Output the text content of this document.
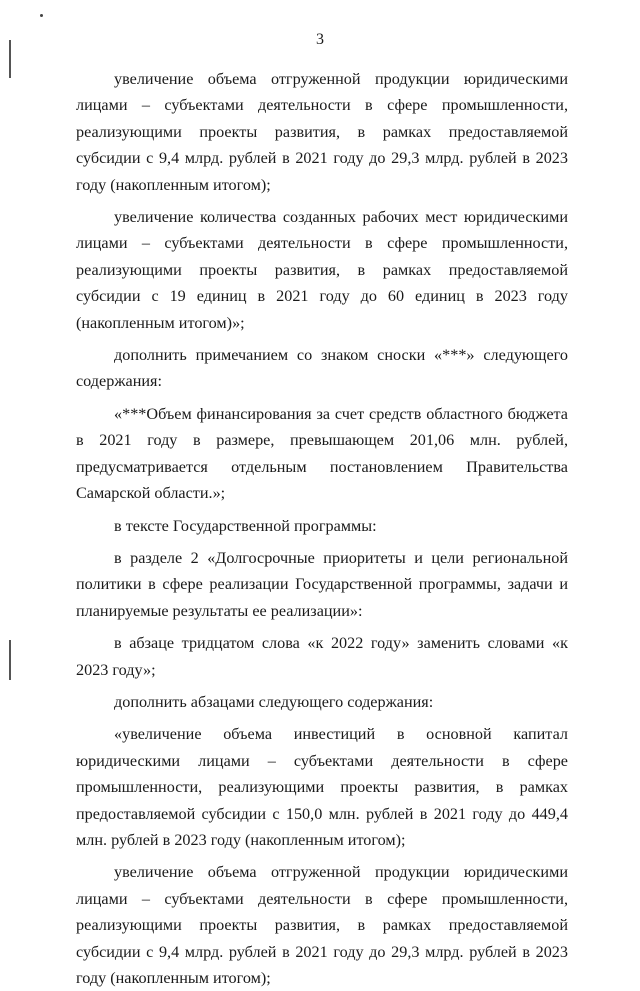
3

увеличение объема отгруженной продукции юридическими лицами – субъектами деятельности в сфере промышленности, реализующими проекты развития, в рамках предоставляемой субсидии с 9,4 млрд. рублей в 2021 году до 29,3 млрд. рублей в 2023 году (накопленным итогом);

увеличение количества созданных рабочих мест юридическими лицами – субъектами деятельности в сфере промышленности, реализующими проекты развития, в рамках предоставляемой субсидии с 19 единиц в 2021 году до 60 единиц в 2023 году (накопленным итогом)»;

дополнить примечанием со знаком сноски «***» следующего содержания:

«***Объем финансирования за счет средств областного бюджета в 2021 году в размере, превышающем 201,06 млн. рублей, предусматривается отдельным постановлением Правительства Самарской области.»;

в тексте Государственной программы:

в разделе 2 «Долгосрочные приоритеты и цели региональной политики в сфере реализации Государственной программы, задачи и планируемые результаты ее реализации»:

в абзаце тридцатом слова «к 2022 году» заменить словами «к 2023 году»;

дополнить абзацами следующего содержания:

«увеличение объема инвестиций в основной капитал юридическими лицами – субъектами деятельности в сфере промышленности, реализующими проекты развития, в рамках предоставляемой субсидии с 150,0 млн. рублей в 2021 году до 449,4 млн. рублей в 2023 году (накопленным итогом);

увеличение объема отгруженной продукции юридическими лицами – субъектами деятельности в сфере промышленности, реализующими проекты развития, в рамках предоставляемой субсидии с 9,4 млрд. рублей в 2021 году до 29,3 млрд. рублей в 2023 году (накопленным итогом);
